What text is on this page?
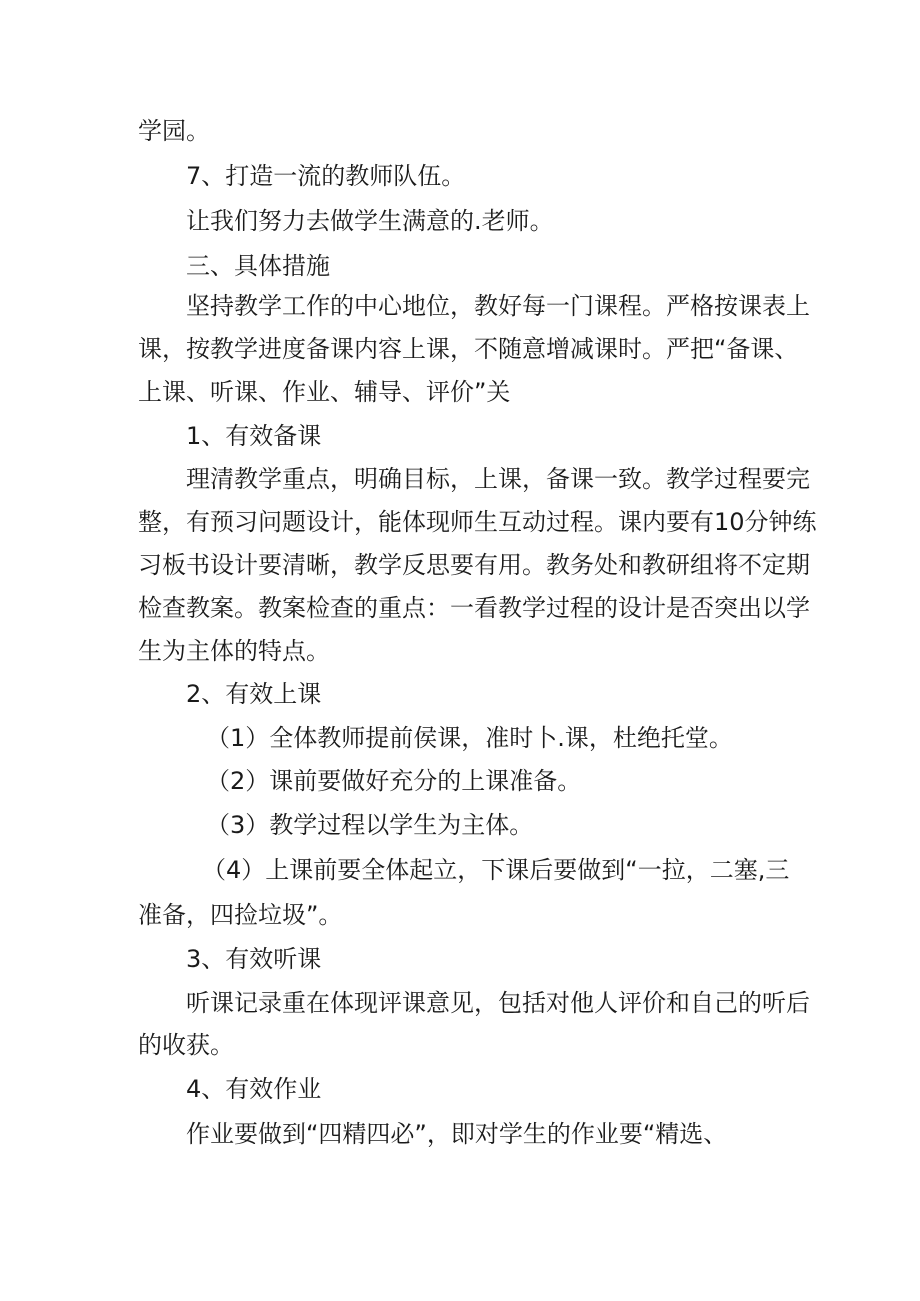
学园。
7、打造一流的教师队伍。
让我们努力去做学生满意的.老师。
三、具体措施
坚持教学工作的中心地位，教好每一门课程。严格按课表上
课，按教学进度备课内容上课，不随意增减课时。严把“备课、
上课、听课、作业、辅导、评价”关
1、有效备课
理清教学重点，明确目标，上课，备课一致。教学过程要完
整，有预习问题设计，能体现师生互动过程。课内要有10分钟练
习板书设计要清晰，教学反思要有用。教务处和教研组将不定期
检查教案。教案检查的重点：一看教学过程的设计是否突出以学
生为主体的特点。
2、有效上课
（1）全体教师提前侯课，准时卜.课，杜绝托堂。
（2）课前要做好充分的上课准备。
（3）教学过程以学生为主体。
（4）上课前要全体起立，下课后要做到“一拉，二塞,三
准备，四捡垃圾”。
3、有效听课
听课记录重在体现评课意见，包括对他人评价和自己的听后
的收获。
4、有效作业
作业要做到“四精四必”，即对学生的作业要“精选、
